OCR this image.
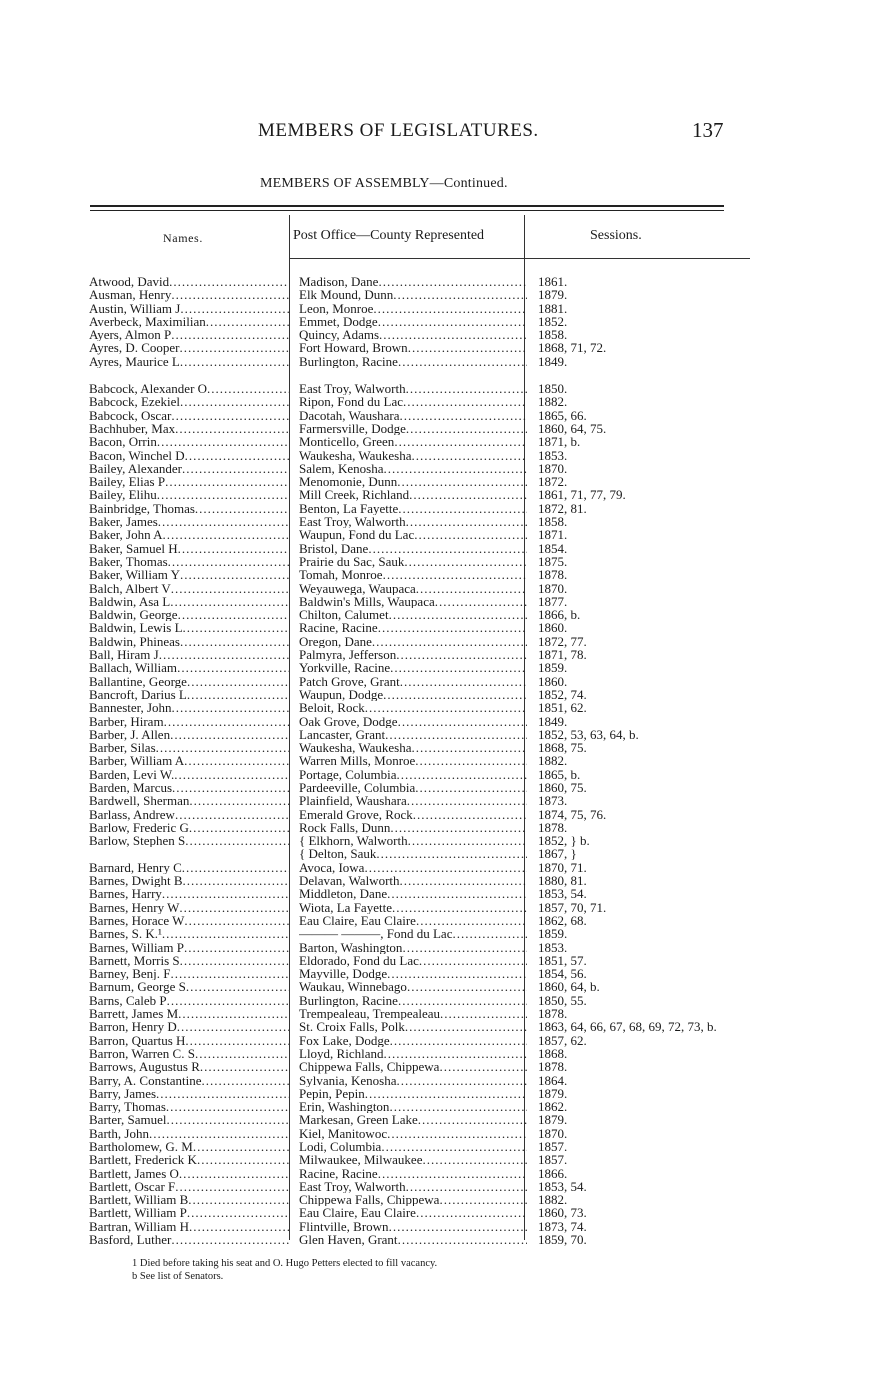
MEMBERS OF LEGISLATURES.	137
MEMBERS OF ASSEMBLY—Continued.
Names.	Post Office—County Represented	Sessions.
Atwood, David .....	Madison, Dane .....	1861.
Ausman, Henry .....	Elk Mound, Dunn .....	1879.
Austin, William J .....	Leon, Monroe .....	1881.
Averbeck, Maximilian .....	Emmet, Dodge .....	1852.
Ayers, Almon P .....	Quincy, Adams .....	1858.
Ayres, D. Cooper .....	Fort Howard, Brown .....	1868, 71, 72.
Ayres, Maurice L .....	Burlington, Racine .....	1849.
Babcock, Alexander O .....	East Troy, Walworth .....	1850.
Babcock, Ezekiel .....	Ripon, Fond du Lac .....	1882.
Babcock, Oscar .....	Dacotah, Waushara .....	1865, 66.
Bachhuber, Max .....	Farmersville, Dodge .....	1860, 64, 75.
Bacon, Orrin .....	Monticello, Green .....	1871, b.
Bacon, Winchel D .....	Waukesha, Waukesha .....	1853.
Bailey, Alexander .....	Salem, Kenosha .....	1870.
Bailey, Elias P .....	Menomonie, Dunn .....	1872.
Bailey, Elihu .....	Mill Creek, Richland .....	1861, 71, 77, 79.
Bainbridge, Thomas .....	Benton, La Fayette .....	1872, 81.
Baker, James .....	East Troy, Walworth .....	1858.
Baker, John A .....	Waupun, Fond du Lac .....	1871.
Baker, Samuel H .....	Bristol, Dane .....	1854.
Baker, Thomas .....	Prairie du Sac, Sauk .....	1875.
Baker, William Y .....	Tomah, Monroe .....	1878.
Balch, Albert V .....	Weyauwega, Waupaca .....	1870.
Baldwin, Asa L .....	Baldwin's Mills, Waupaca .....	1877.
Baldwin, George .....	Chilton, Calumet .....	1866, b.
Baldwin, Lewis L .....	Racine, Racine .....	1860.
Baldwin, Phineas .....	Oregon, Dane .....	1872, 77.
Ball, Hiram J .....	Palmyra, Jefferson .....	1871, 78.
Ballach, William .....	Yorkville, Racine .....	1859.
Ballantine, George .....	Patch Grove, Grant .....	1860.
Bancroft, Darius L .....	Waupun, Dodge .....	1852, 74.
Bannester, John .....	Beloit, Rock .....	1851, 62.
Barber, Hiram .....	Oak Grove, Dodge .....	1849.
Barber, J. Allen .....	Lancaster, Grant .....	1852, 53, 63, 64, b.
Barber, Silas .....	Waukesha, Waukesha .....	1868, 75.
Barber, William A .....	Warren Mills, Monroe .....	1882.
Barden, Levi W. .....	Portage, Columbia .....	1865, b.
Barden, Marcus .....	Pardeeville, Columbia .....	1860, 75.
Bardwell, Sherman .....	Plainfield, Waushara .....	1873.
Barlass, Andrew .....	Emerald Grove, Rock .....	1874, 75, 76.
Barlow, Frederic G .....	Rock Falls, Dunn .....	1878.
Barlow, Stephen S .....	{ Elkhorn, Walworth .....	1852, } b.
{ Delton, Sauk .....	1867, }
Barnard, Henry C .....	Avoca, Iowa .....	1870, 71.
Barnes, Dwight B .....	Delavan, Walworth .....	1880, 81.
Barnes, Harry .....	Middleton, Dane .....	1853, 54.
Barnes, Henry W .....	Wiota, La Fayette .....	1857, 70, 71.
Barnes, Horace W .....	Eau Claire, Eau Claire .....	1862, 68.
Barnes, S. K.¹ .....	——— ———, Fond du Lac .....	1859.
Barnes, William P .....	Barton, Washington .....	1853.
Barnett, Morris S .....	Eldorado, Fond du Lac .....	1851, 57.
Barney, Benj. F .....	Mayville, Dodge .....	1854, 56.
Barnum, George S .....	Waukau, Winnebago .....	1860, 64, b.
Barns, Caleb P .....	Burlington, Racine .....	1850, 55.
Barrett, James M .....	Trempealeau, Trempealeau .....	1878.
Barron, Henry D .....	St. Croix Falls, Polk .....	1863, 64, 66, 67, 68, 69, 72, 73, b.
Barron, Quartus H .....	Fox Lake, Dodge .....	1857, 62.
Barron, Warren C. S .....	Lloyd, Richland .....	1868.
Barrows, Augustus R .....	Chippewa Falls, Chippewa .....	1878.
Barry, A. Constantine .....	Sylvania, Kenosha .....	1864.
Barry, James .....	Pepin, Pepin .....	1879.
Barry, Thomas .....	Erin, Washington .....	1862.
Barter, Samuel .....	Markesan, Green Lake .....	1879.
Barth, John .....	Kiel, Manitowoc .....	1870.
Bartholomew, G. M .....	Lodi, Columbia .....	1857.
Bartlett, Frederick K .....	Milwaukee, Milwaukee .....	1857.
Bartlett, James O .....	Racine, Racine .....	1866.
Bartlett, Oscar F .....	East Troy, Walworth .....	1853, 54.
Bartlett, William B .....	Chippewa Falls, Chippewa .....	1882.
Bartlett, William P .....	Eau Claire, Eau Claire .....	1860, 73.
Bartran, William H .....	Flintville, Brown .....	1873, 74.
Basford, Luther .....	Glen Haven, Grant .....	1859, 70.
1 Died before taking his seat and O. Hugo Petters elected to fill vacancy.
b See list of Senators.
